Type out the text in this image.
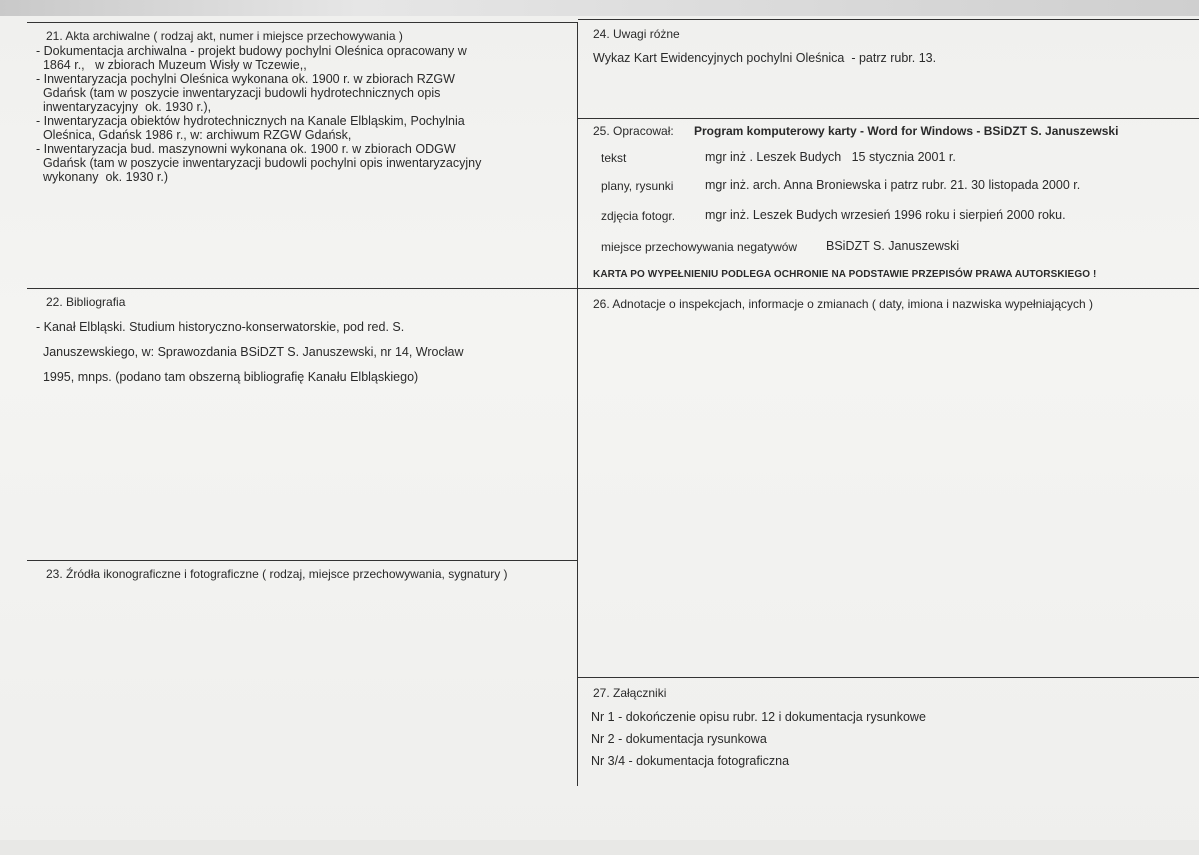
21. Akta archiwalne ( rodzaj akt, numer i miejsce przechowywania )

- Dokumentacja archiwalna - projekt budowy pochylni Oleśnica opracowany w

1864 r.,   w zbiorach Muzeum Wisły w Tczewie,,

- Inwentaryzacja pochylni Oleśnica wykonana ok. 1900 r. w zbiorach RZGW

Gdańsk (tam w poszycie inwentaryzacji budowli hydrotechnicznych opis

inwentaryzacyjny  ok. 1930 r.),

- Inwentaryzacja obiektów hydrotechnicznych na Kanale Elbląskim, Pochylnia

Oleśnica, Gdańsk 1986 r., w: archiwum RZGW Gdańsk,

- Inwentaryzacja bud. maszynowni wykonana ok. 1900 r. w zbiorach ODGW

Gdańsk (tam w poszycie inwentaryzacji budowli pochylni opis inwentaryzacyjny

wykonany  ok. 1930 r.)

22. Bibliografia

- Kanał Elbląski. Studium historyczno-konserwatorskie, pod red. S.

Januszewskiego, w: Sprawozdania BSiDZT S. Januszewski, nr 14, Wrocław

1995, mnps. (podano tam obszerną bibliografię Kanału Elbląskiego)

23. Źródła ikonograficzne i fotograficzne ( rodzaj, miejsce przechowywania, sygnatury )
24. Uwagi różne
Wykaz Kart Ewidencyjnych pochylni Oleśnica  - patrz rubr. 13.
25. Opracował: Program komputerowy karty - Word for Windows - BSiDZT S. Januszewski
tekst	mgr inż . Leszek Budych   15 stycznia 2001 r.
plany, rysunki	mgr inż. arch. Anna Broniewska i patrz rubr. 21. 30 listopada 2000 r.
zdjęcia fotogr. mgr inż. Leszek Budych wrzesień 1996 roku i sierpień 2000 roku.
miejsce przechowywania negatywów BSiDZT S. Januszewski
KARTA PO WYPEŁNIENIU PODLEGA OCHRONIE NA PODSTAWIE PRZEPISÓW PRAWA AUTORSKIEGO !
26. Adnotacje o inspekcjach, informacje o zmianach ( daty, imiona i nazwiska wypełniających )
27. Załączniki

Nr 1 - dokończenie opisu rubr. 12 i dokumentacja rysunkowe

Nr 2 - dokumentacja rysunkowa

Nr 3/4 - dokumentacja fotograficzna
